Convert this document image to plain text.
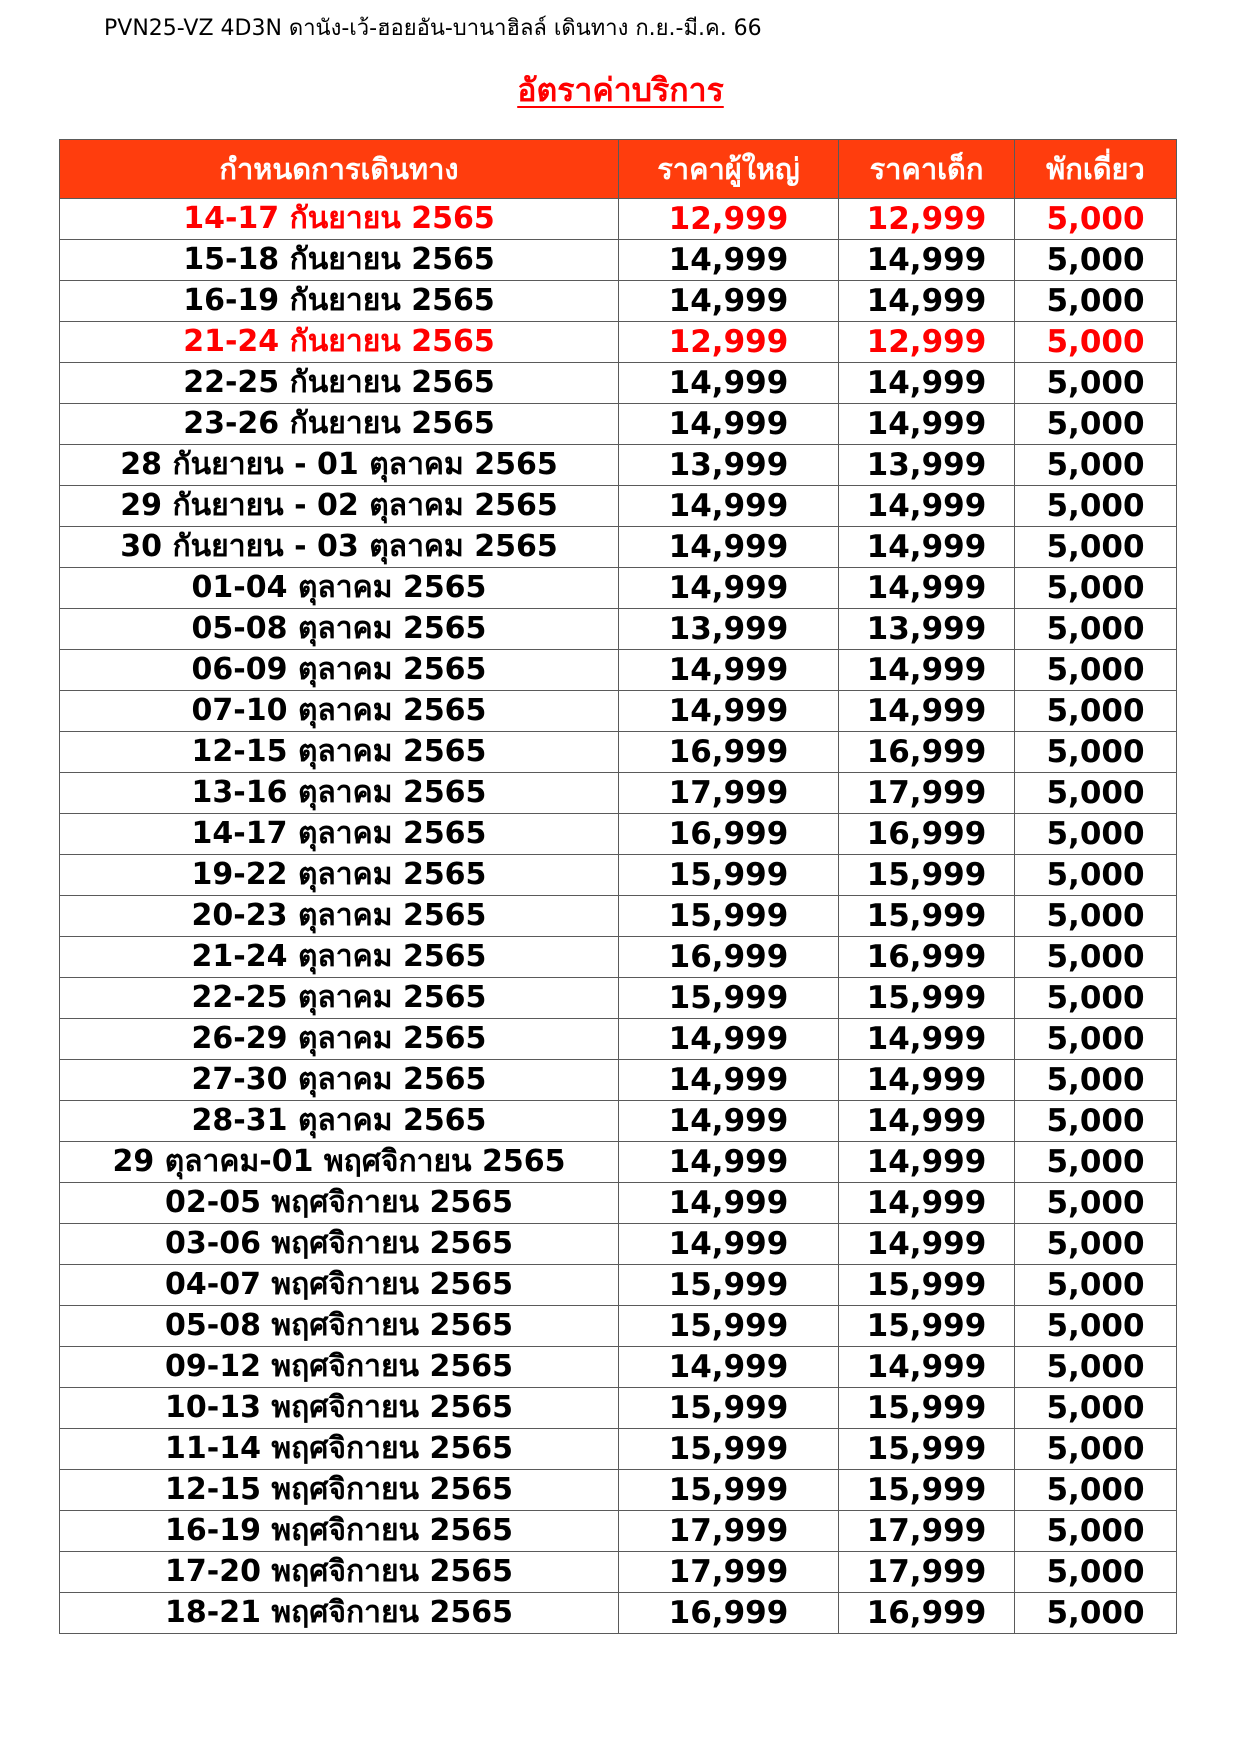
PVN25-VZ 4D3N ดานัง-เว้-ฮอยอัน-บานาฮิลล์ เดินทาง ก.ย.-มี.ค. 66
อัตราค่าบริการ
กำหนดการเดินทาง	ราคาผู้ใหญ่	ราคาเด็ก	พักเดี่ยว
14-17 กันยายน 2565	12,999	12,999	5,000
15-18 กันยายน 2565	14,999	14,999	5,000
16-19 กันยายน 2565	14,999	14,999	5,000
21-24 กันยายน 2565	12,999	12,999	5,000
22-25 กันยายน 2565	14,999	14,999	5,000
23-26 กันยายน 2565	14,999	14,999	5,000
28 กันยายน - 01 ตุลาคม 2565	13,999	13,999	5,000
29 กันยายน - 02 ตุลาคม 2565	14,999	14,999	5,000
30 กันยายน - 03 ตุลาคม 2565	14,999	14,999	5,000
01-04 ตุลาคม 2565	14,999	14,999	5,000
05-08 ตุลาคม 2565	13,999	13,999	5,000
06-09 ตุลาคม 2565	14,999	14,999	5,000
07-10 ตุลาคม 2565	14,999	14,999	5,000
12-15 ตุลาคม 2565	16,999	16,999	5,000
13-16 ตุลาคม 2565	17,999	17,999	5,000
14-17 ตุลาคม 2565	16,999	16,999	5,000
19-22 ตุลาคม 2565	15,999	15,999	5,000
20-23 ตุลาคม 2565	15,999	15,999	5,000
21-24 ตุลาคม 2565	16,999	16,999	5,000
22-25 ตุลาคม 2565	15,999	15,999	5,000
26-29 ตุลาคม 2565	14,999	14,999	5,000
27-30 ตุลาคม 2565	14,999	14,999	5,000
28-31 ตุลาคม 2565	14,999	14,999	5,000
29 ตุลาคม-01 พฤศจิกายน 2565	14,999	14,999	5,000
02-05 พฤศจิกายน 2565	14,999	14,999	5,000
03-06 พฤศจิกายน 2565	14,999	14,999	5,000
04-07 พฤศจิกายน 2565	15,999	15,999	5,000
05-08 พฤศจิกายน 2565	15,999	15,999	5,000
09-12 พฤศจิกายน 2565	14,999	14,999	5,000
10-13 พฤศจิกายน 2565	15,999	15,999	5,000
11-14 พฤศจิกายน 2565	15,999	15,999	5,000
12-15 พฤศจิกายน 2565	15,999	15,999	5,000
16-19 พฤศจิกายน 2565	17,999	17,999	5,000
17-20 พฤศจิกายน 2565	17,999	17,999	5,000
18-21 พฤศจิกายน 2565	16,999	16,999	5,000
